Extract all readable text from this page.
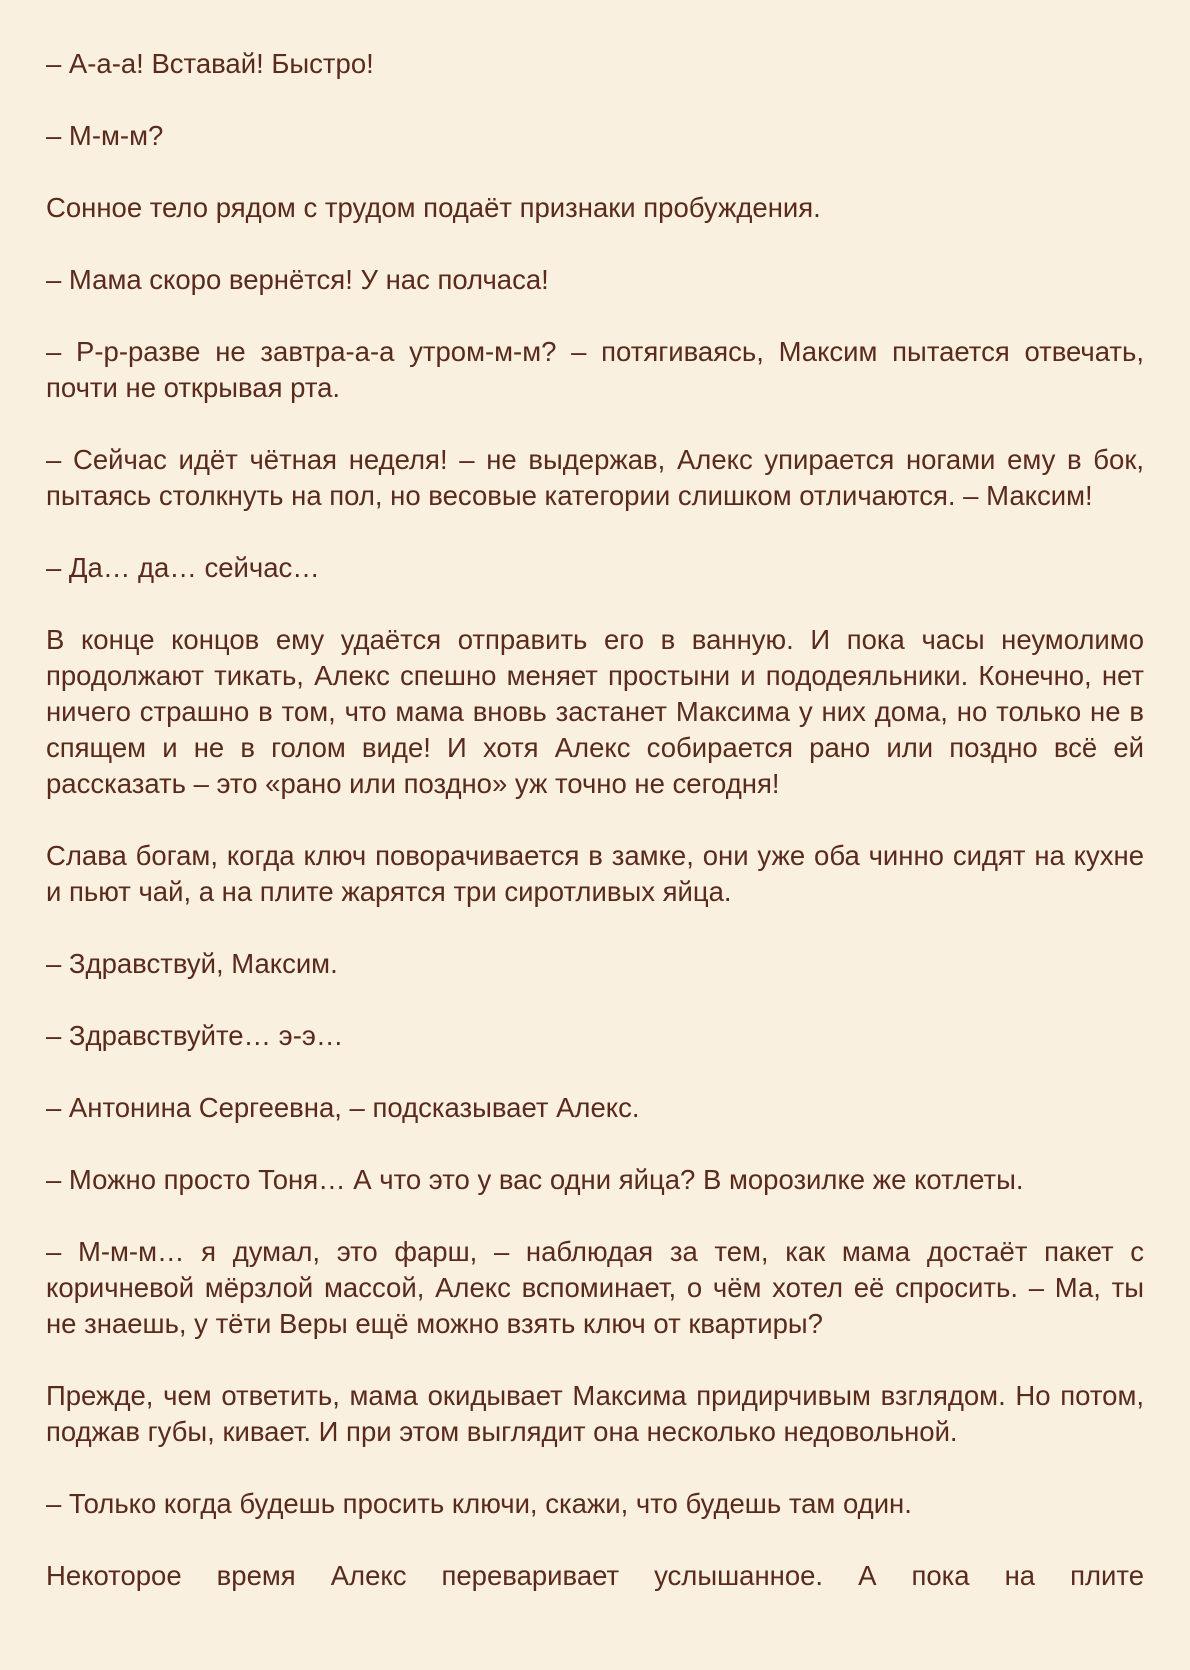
– А-а-а! Вставай! Быстро!

– М-м-м?

Сонное тело рядом с трудом подаёт признаки пробуждения.

– Мама скоро вернётся! У нас полчаса!

– Р-р-разве не завтра-а-а утром-м-м? – потягиваясь, Максим пытается отвечать, почти не открывая рта.

– Сейчас идёт чётная неделя! – не выдержав, Алекс упирается ногами ему в бок, пытаясь столкнуть на пол, но весовые категории слишком отличаются. – Максим!

– Да… да… сейчас…

В конце концов ему удаётся отправить его в ванную. И пока часы неумолимо продолжают тикать, Алекс спешно меняет простыни и пододеяльники. Конечно, нет ничего страшно в том, что мама вновь застанет Максима у них дома, но только не в спящем и не в голом виде! И хотя Алекс собирается рано или поздно всё ей рассказать – это «рано или поздно» уж точно не сегодня!

Слава богам, когда ключ поворачивается в замке, они уже оба чинно сидят на кухне и пьют чай, а на плите жарятся три сиротливых яйца.

– Здравствуй, Максим.

– Здравствуйте… э-э…

– Антонина Сергеевна, – подсказывает Алекс.

– Можно просто Тоня… А что это у вас одни яйца? В морозилке же котлеты.

– М-м-м… я думал, это фарш, – наблюдая за тем, как мама достаёт пакет с коричневой мёрзлой массой, Алекс вспоминает, о чём хотел её спросить. – Ма, ты не знаешь, у тёти Веры ещё можно взять ключ от квартиры?

Прежде, чем ответить, мама окидывает Максима придирчивым взглядом. Но потом, поджав губы, кивает. И при этом выглядит она несколько недовольной.

– Только когда будешь просить ключи, скажи, что будешь там один.

Некоторое время Алекс переваривает услышанное. А пока на плите
